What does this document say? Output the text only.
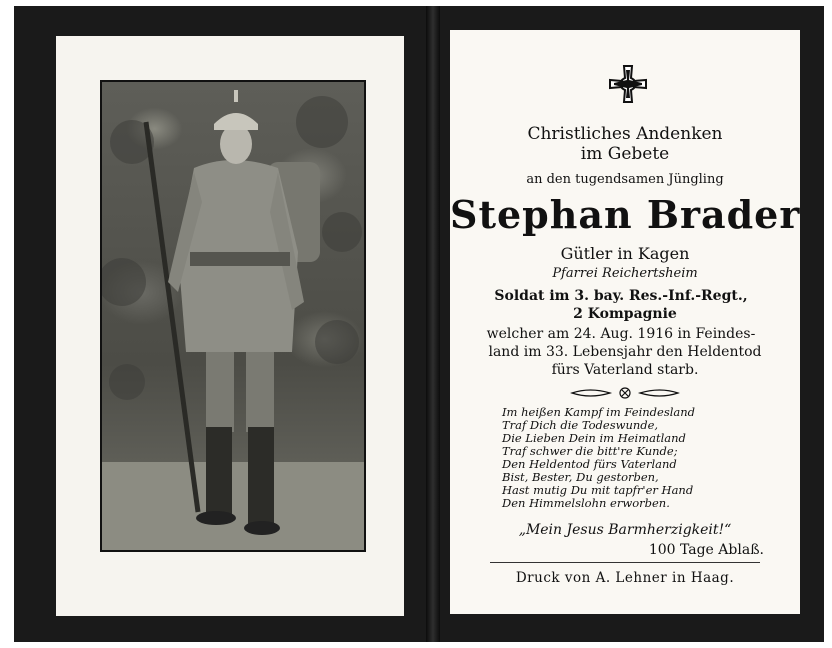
Christliches Andenken
im Gebete
an den tugendsamen Jüngling
Stephan Brader
Gütler in Kagen
Pfarrei Reichertsheim
Soldat im 3. bay. Res.-Inf.-Regt.,
2 Kompagnie
welcher am 24. Aug. 1916 in Feindes-
land im 33. Lebensjahr den Heldentod
fürs Vaterland starb.
Im heißen Kampf im Feindesland
Traf Dich die Todeswunde,
Die Lieben Dein im Heimatland
Traf schwer die bitt're Kunde;
Den Heldentod fürs Vaterland
Bist, Bester, Du gestorben,
Hast mutig Du mit tapfr'er Hand
Den Himmelslohn erworben.
„Mein Jesus Barmherzigkeit!“
100 Tage Ablaß.
Druck von A. Lehner in Haag.
